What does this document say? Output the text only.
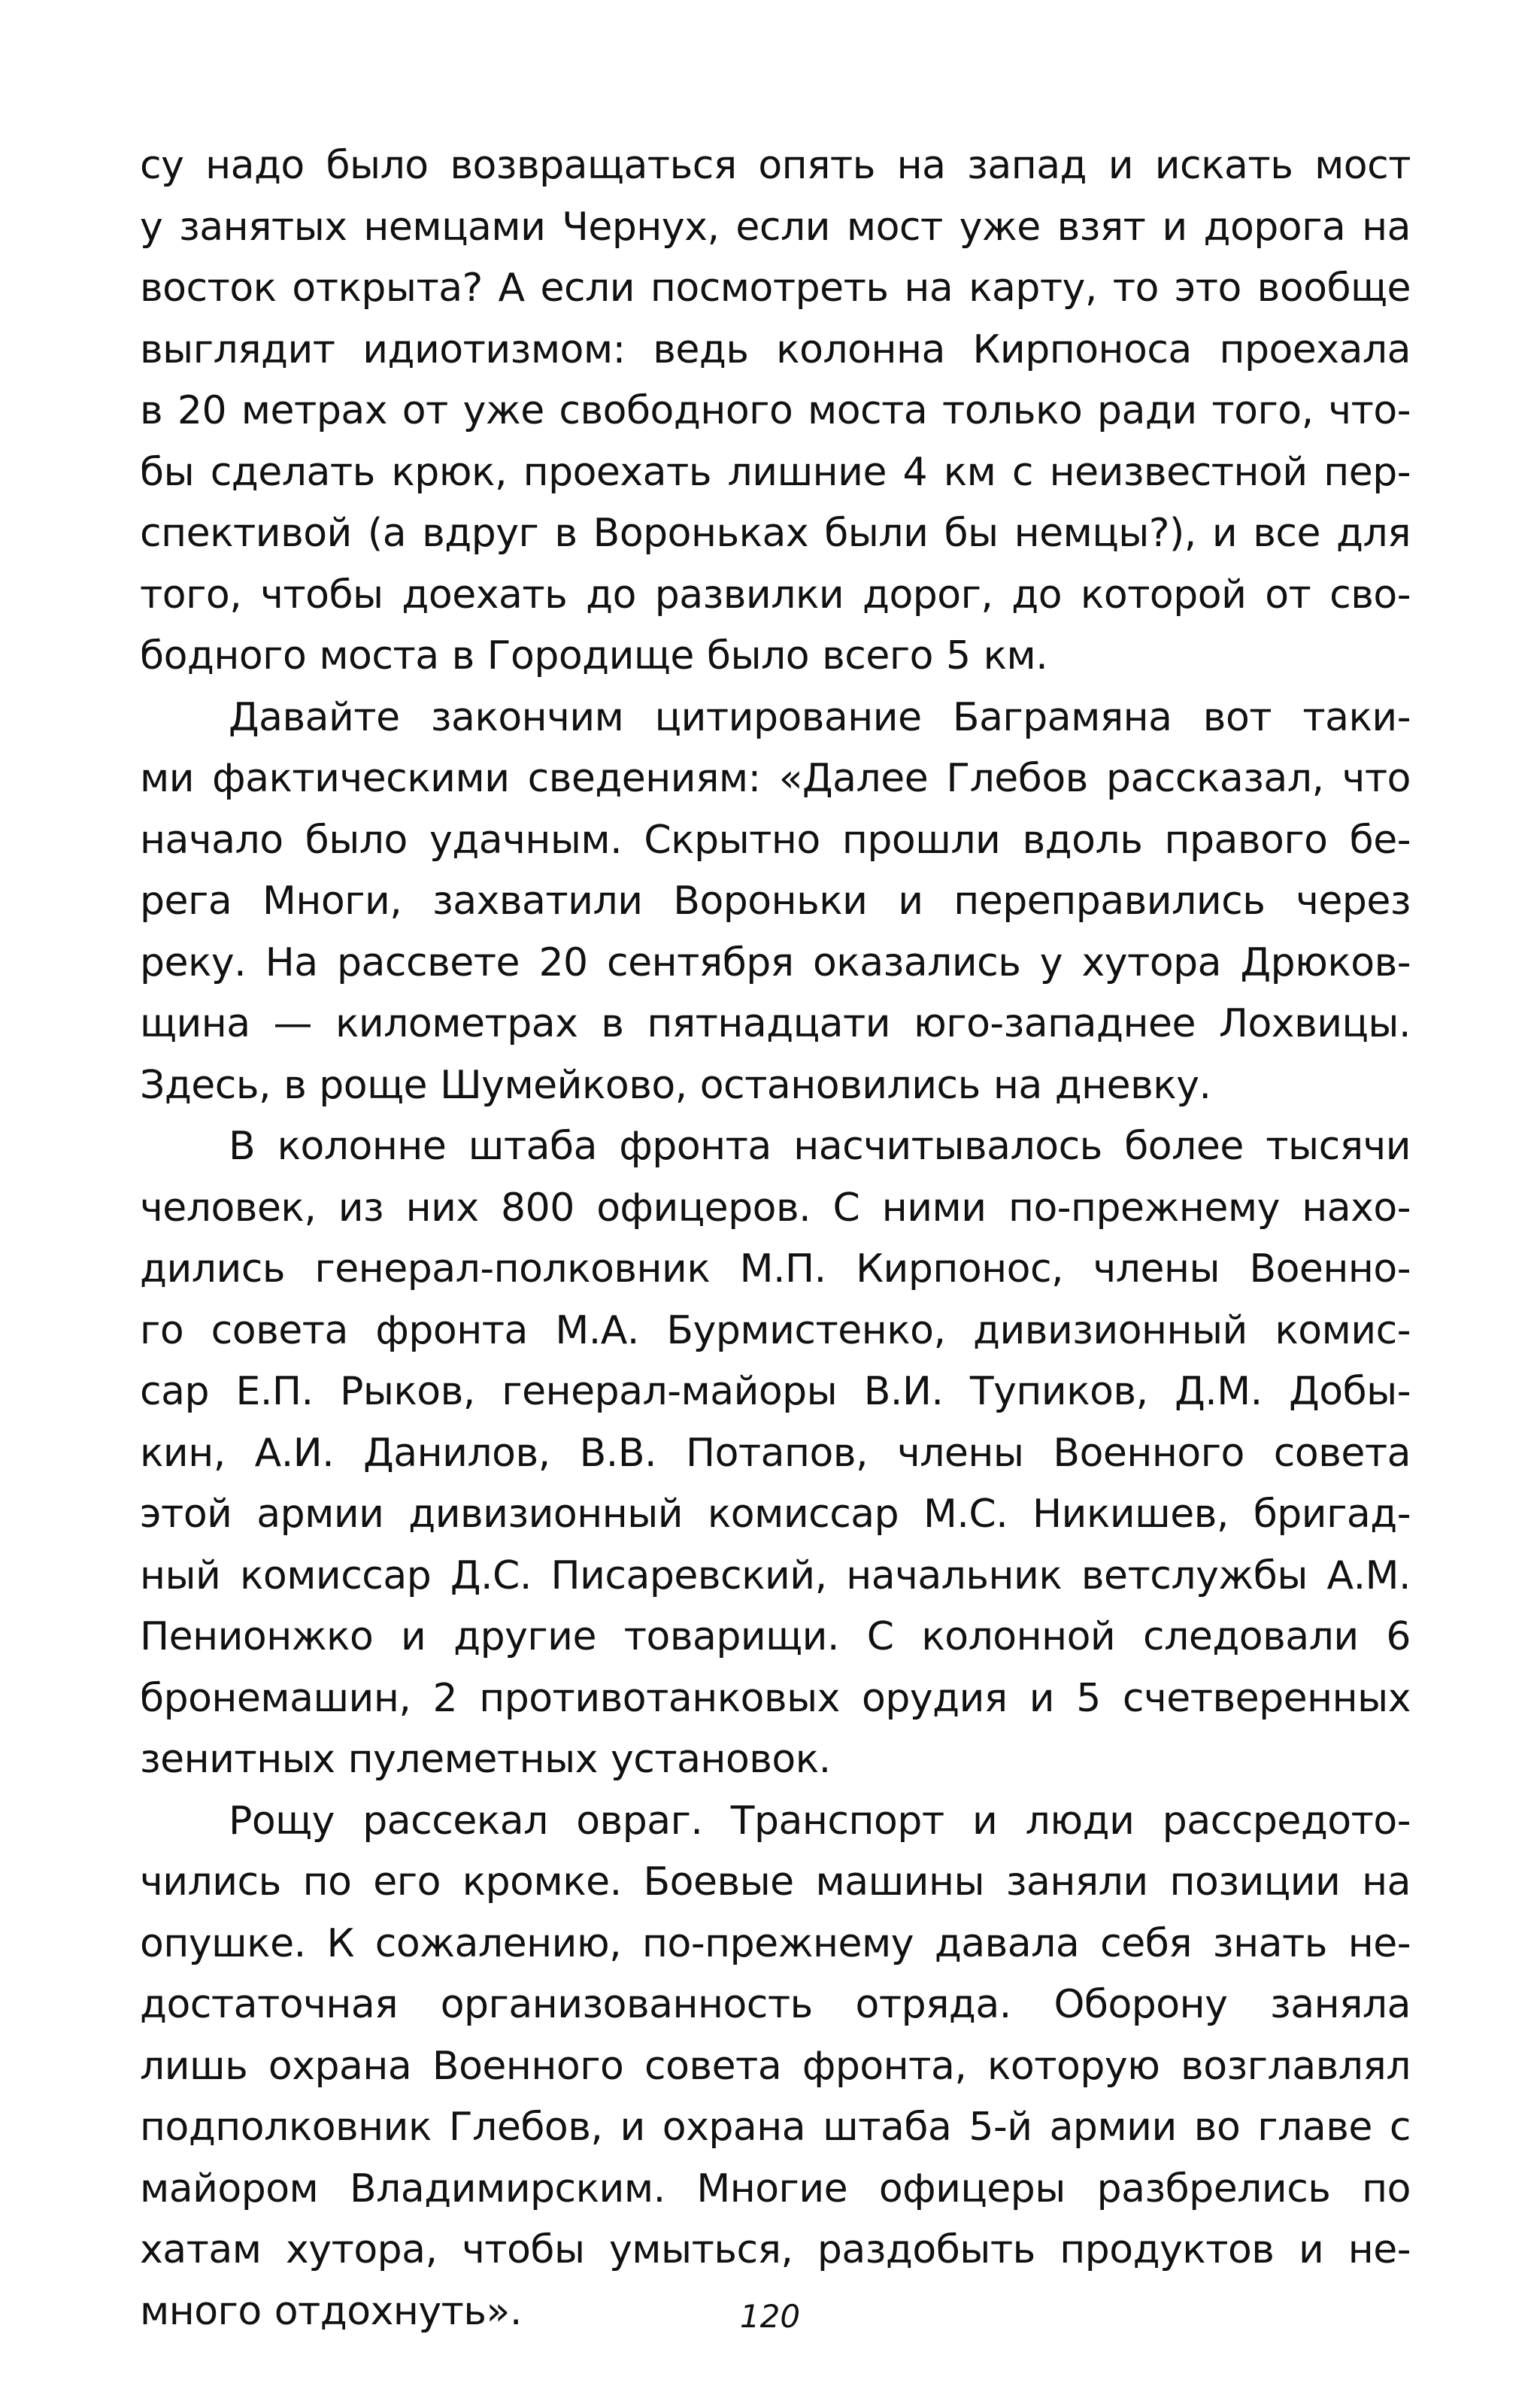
су надо было возвращаться опять на запад и искать мост
у занятых немцами Чернух, если мост уже взят и дорога на
восток открыта? А если посмотреть на карту, то это вообще
выглядит идиотизмом: ведь колонна Кирпоноса проехала
в 20 метрах от уже свободного моста только ради того, что-
бы сделать крюк, проехать лишние 4 км с неизвестной пер-
спективой (а вдруг в Вороньках были бы немцы?), и все для
того, чтобы доехать до развилки дорог, до которой от сво-
бодного моста в Городище было всего 5 км.
Давайте закончим цитирование Баграмяна вот таки-
ми фактическими сведениям: «Далее Глебов рассказал, что
начало было удачным. Скрытно прошли вдоль правого бе-
рега Многи, захватили Вороньки и переправились через
реку. На рассвете 20 сентября оказались у хутора Дрюков-
щина — километрах в пятнадцати юго-западнее Лохвицы.
Здесь, в роще Шумейково, остановились на дневку.
В колонне штаба фронта насчитывалось более тысячи
человек, из них 800 офицеров. С ними по-прежнему нахо-
дились генерал-полковник М.П. Кирпонос, члены Военно-
го совета фронта М.А. Бурмистенко, дивизионный комис-
сар Е.П. Рыков, генерал-майоры В.И. Тупиков, Д.М. Добы-
кин, А.И. Данилов, В.В. Потапов, члены Военного совета
этой армии дивизионный комиссар М.С. Никишев, бригад-
ный комиссар Д.С. Писаревский, начальник ветслужбы А.М.
Пенионжко и другие товарищи. С колонной следовали 6
бронемашин, 2 противотанковых орудия и 5 счетверенных
зенитных пулеметных установок.
Рощу рассекал овраг. Транспорт и люди рассредото-
чились по его кромке. Боевые машины заняли позиции на
опушке. К сожалению, по-прежнему давала себя знать не-
достаточная организованность отряда. Оборону заняла
лишь охрана Военного совета фронта, которую возглавлял
подполковник Глебов, и охрана штаба 5-й армии во главе с
майором Владимирским. Многие офицеры разбрелись по
хатам хутора, чтобы умыться, раздобыть продуктов и не-
много отдохнуть».	120
